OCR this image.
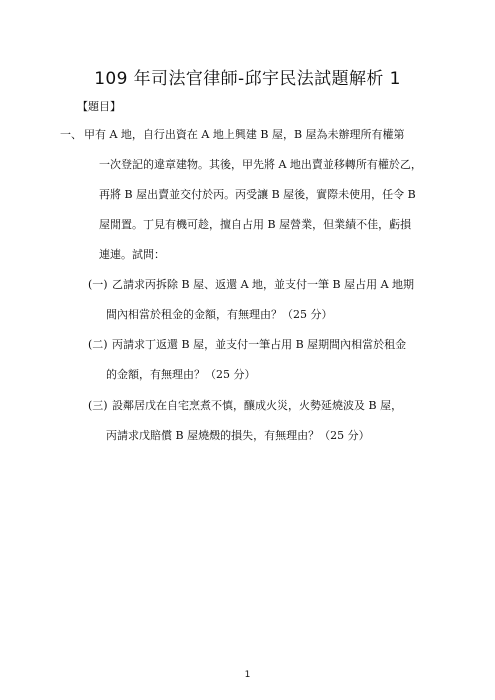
109 年司法官律師-邱宇民法試題解析 1
【題目】
一、 甲有 A 地，自行出資在 A 地上興建 B 屋，B 屋為未辦理所有權第
一次登記的違章建物。其後，甲先將 A 地出賣並移轉所有權於乙，
再將 B 屋出賣並交付於丙。丙受讓 B 屋後，實際未使用，任令 B
屋閒置。丁見有機可趁，擅自占用 B 屋營業，但業績不佳，虧損
連連。試問：
(一) 乙請求丙拆除 B 屋、返還 A 地，並支付一筆 B 屋占用 A 地期
間內相當於租金的金額，有無理由？（25 分）
(二) 丙請求丁返還 B 屋，並支付一筆占用 B 屋期間內相當於租金
的金額，有無理由？（25 分）
(三) 設鄰居戊在自宅烹煮不慎，釀成火災，火勢延燒波及 B 屋，
丙請求戊賠償 B 屋燒燬的損失，有無理由？（25 分）
1
